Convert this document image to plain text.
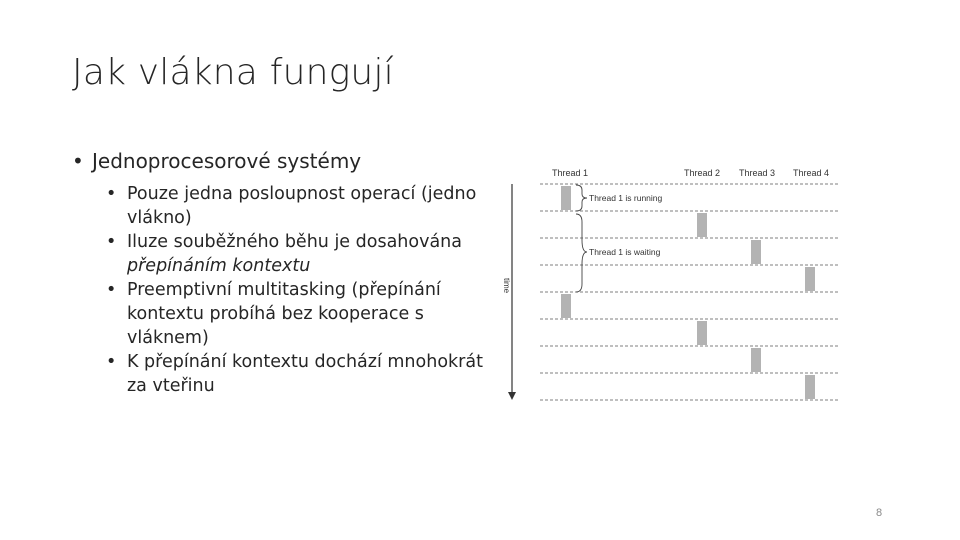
Jak vlákna fungují
• Jednoprocesorové systémy
• Pouze jedna posloupnost operací (jedno vlákno)
• Iluze souběžného běhu je dosahována přepínáním kontextu
• Preemptivní multitasking (přepínání kontextu probíhá bez kooperace s vláknem)
• K přepínání kontextu dochází mnohokrát za vteřinu
Thread 1	Thread 2 Thread 3 Thread 4
time
Thread 1 is running
Thread 1 is waiting
8
